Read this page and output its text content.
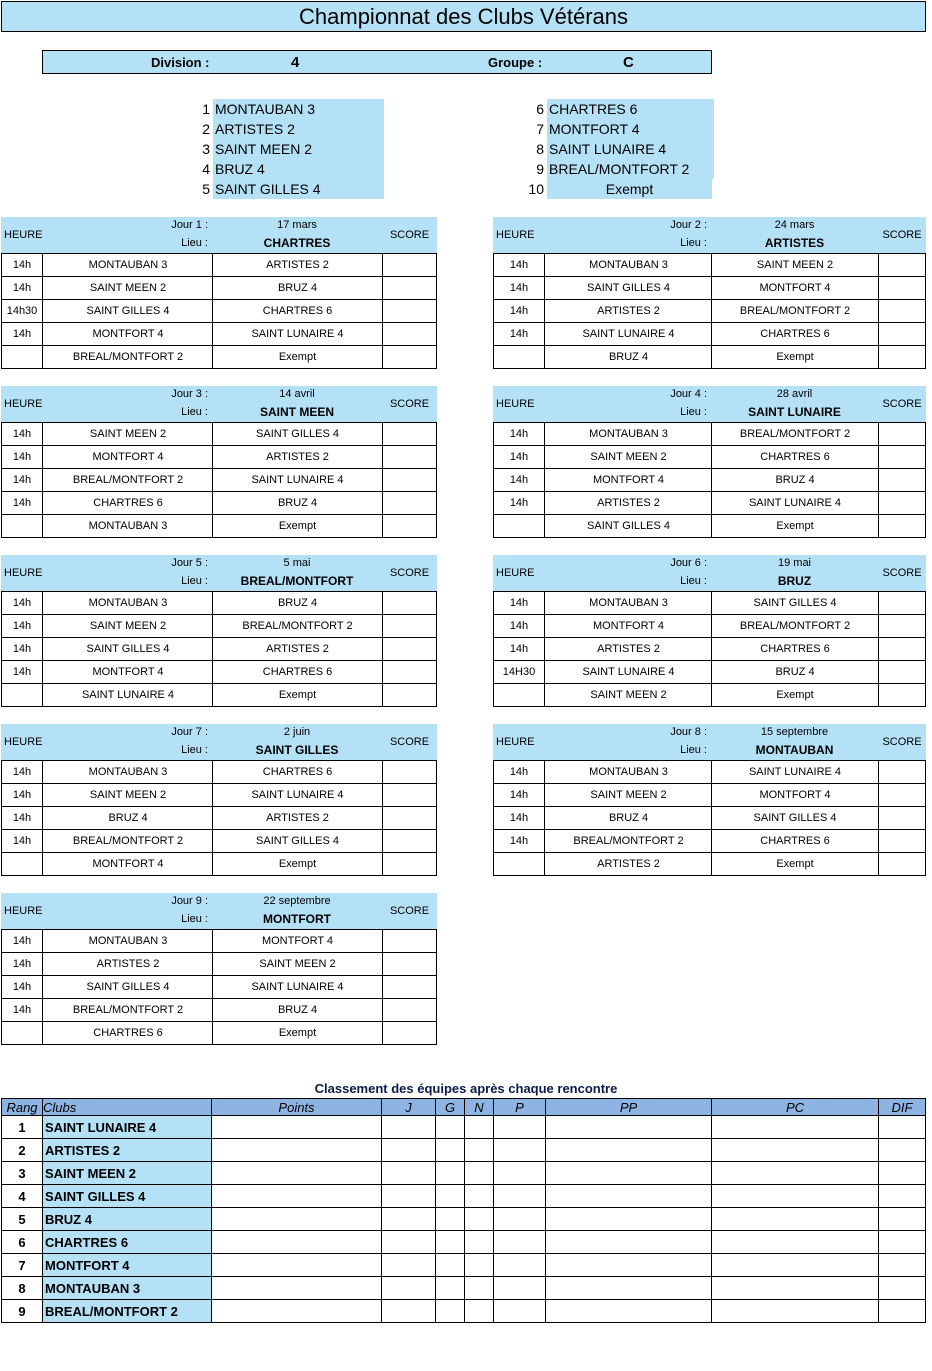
Championnat des Clubs Vétérans
Division :	4	Groupe :	C
1 MONTAUBAN 3
2 ARTISTES 2
3 SAINT MEEN 2
4 BRUZ 4
5 SAINT GILLES 4
6 CHARTRES 6
7 MONTFORT 4
8 SAINT LUNAIRE 4
9 BREAL/MONTFORT 2
10	Exempt
HEURE
Jour 1 :
Lieu :
17 mars
CHARTRES
SCORE
14h	MONTAUBAN 3	ARTISTES 2
14h	SAINT MEEN 2	BRUZ 4
14h30	SAINT GILLES 4	CHARTRES 6
14h	MONTFORT 4	SAINT LUNAIRE 4
BREAL/MONTFORT 2	Exempt
HEURE
Jour 2 :
Lieu :
24 mars
ARTISTES
SCORE
14h	MONTAUBAN 3	SAINT MEEN 2
14h	SAINT GILLES 4	MONTFORT 4
14h	ARTISTES 2	BREAL/MONTFORT 2
14h	SAINT LUNAIRE 4	CHARTRES 6
BRUZ 4	Exempt
HEURE
Jour 3 :
Lieu :
14 avril
SAINT MEEN
SCORE
14h	SAINT MEEN 2	SAINT GILLES 4
14h	MONTFORT 4	ARTISTES 2
14h	BREAL/MONTFORT 2	SAINT LUNAIRE 4
14h	CHARTRES 6	BRUZ 4
MONTAUBAN 3	Exempt
HEURE
Jour 4 :
Lieu :
28 avril
SAINT LUNAIRE
SCORE
14h	MONTAUBAN 3	BREAL/MONTFORT 2
14h	SAINT MEEN 2	CHARTRES 6
14h	MONTFORT 4	BRUZ 4
14h	ARTISTES 2	SAINT LUNAIRE 4
SAINT GILLES 4	Exempt
HEURE
Jour 5 :
Lieu :
5 mai
BREAL/MONTFORT
SCORE
14h	MONTAUBAN 3	BRUZ 4
14h	SAINT MEEN 2	BREAL/MONTFORT 2
14h	SAINT GILLES 4	ARTISTES 2
14h	MONTFORT 4	CHARTRES 6
SAINT LUNAIRE 4	Exempt
HEURE
Jour 6 :
Lieu :
19 mai
BRUZ
SCORE
14h	MONTAUBAN 3	SAINT GILLES 4
14h	MONTFORT 4	BREAL/MONTFORT 2
14h	ARTISTES 2	CHARTRES 6
14H30	SAINT LUNAIRE 4	BRUZ 4
SAINT MEEN 2	Exempt
HEURE
Jour 7 :
Lieu :
2 juin
SAINT GILLES
SCORE
14h	MONTAUBAN 3	CHARTRES 6
14h	SAINT MEEN 2	SAINT LUNAIRE 4
14h	BRUZ 4	ARTISTES 2
14h	BREAL/MONTFORT 2	SAINT GILLES 4
MONTFORT 4	Exempt
HEURE
Jour 8 :
Lieu :
15 septembre
MONTAUBAN
SCORE
14h	MONTAUBAN 3	SAINT LUNAIRE 4
14h	SAINT MEEN 2	MONTFORT 4
14h	BRUZ 4	SAINT GILLES 4
14h	BREAL/MONTFORT 2	CHARTRES 6
ARTISTES 2	Exempt
HEURE
Jour 9 :
Lieu :
22 septembre
MONTFORT
SCORE
14h	MONTAUBAN 3	MONTFORT 4
14h	ARTISTES 2	SAINT MEEN 2
14h	SAINT GILLES 4	SAINT LUNAIRE 4
14h	BREAL/MONTFORT 2	BRUZ 4
CHARTRES 6	Exempt
Classement des équipes après chaque rencontre
Rang	Clubs	Points	J	G	N	P	PP	PC	DIF
1	SAINT LUNAIRE 4								
2	ARTISTES 2								
3	SAINT MEEN 2								
4	SAINT GILLES 4								
5	BRUZ 4								
6	CHARTRES 6								
7	MONTFORT 4								
8	MONTAUBAN 3								
9	BREAL/MONTFORT 2								
